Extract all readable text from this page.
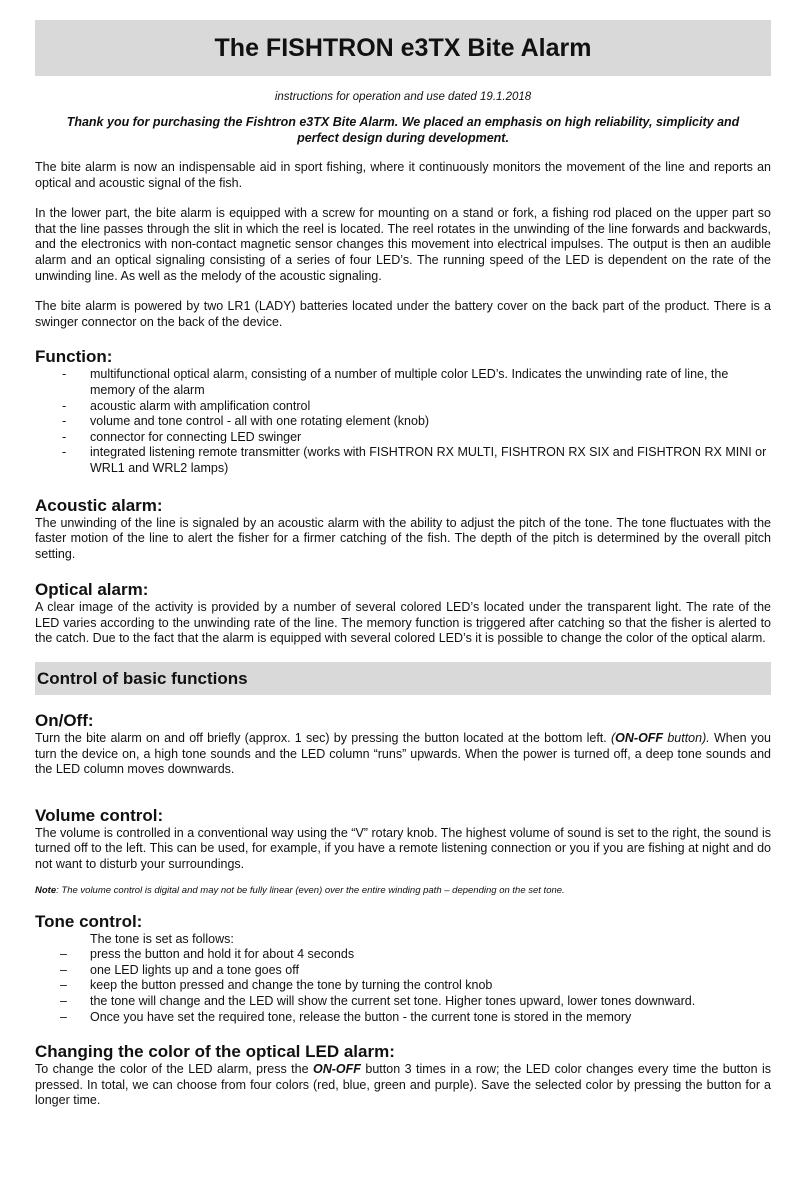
The FISHTRON e3TX Bite Alarm
instructions for operation and use dated 19.1.2018
Thank you for purchasing the Fishtron e3TX Bite Alarm. We placed an emphasis on high reliability, simplicity and perfect design during development.

The bite alarm is now an indispensable aid in sport fishing, where it continuously monitors the movement of the line and reports an optical and acoustic signal of the fish.

In the lower part, the bite alarm is equipped with a screw for mounting on a stand or fork, a fishing rod placed on the upper part so that the line passes through the slit in which the reel is located. The reel rotates in the unwinding of the line forwards and backwards, and the electronics with non-contact magnetic sensor changes this movement into electrical impulses. The output is then an audible alarm and an optical signaling consisting of a series of four LED’s. The running speed of the LED is dependent on the rate of the unwinding line. As well as the melody of the acoustic signaling.

The bite alarm is powered by two LR1 (LADY) batteries located under the battery cover on the back part of the product. There is a swinger connector on the back of the device.

Function:
- multifunctional optical alarm, consisting of a number of multiple color LED’s. Indicates the unwinding rate of line, the memory of the alarm
- acoustic alarm with amplification control
- volume and tone control - all with one rotating element (knob)
- connector for connecting LED swinger
- integrated listening remote transmitter (works with FISHTRON RX MULTI, FISHTRON RX SIX and FISHTRON RX MINI or WRL1 and WRL2 lamps)
Acoustic alarm:

The unwinding of the line is signaled by an acoustic alarm with the ability to adjust the pitch of the tone. The tone fluctuates with the faster motion of the line to alert the fisher for a firmer catching of the fish. The depth of the pitch is determined by the overall pitch setting.

Optical alarm:

A clear image of the activity is provided by a number of several colored LED’s located under the transparent light. The rate of the LED varies according to the unwinding rate of the line. The memory function is triggered after catching so that the fisher is alerted to the catch. Due to the fact that the alarm is equipped with several colored LED’s it is possible to change the color of the optical alarm.

Control of basic functions
On/Off:

Turn the bite alarm on and off briefly (approx. 1 sec) by pressing the button located at the bottom left. (ON-OFF button). When you turn the device on, a high tone sounds and the LED column “runs” upwards. When the power is turned off, a deep tone sounds and the LED column moves downwards.

Volume control:

The volume is controlled in a conventional way using the “V” rotary knob. The highest volume of sound is set to the right, the sound is turned off to the left. This can be used, for example, if you have a remote listening connection or you if you are fishing at night and do not want to disturb your surroundings.

Note: The volume control is digital and may not be fully linear (even) over the entire winding path – depending on the set tone.
Tone control:
The tone is set as follows:
– press the button and hold it for about 4 seconds
– one LED lights up and a tone goes off
– keep the button pressed and change the tone by turning the control knob
– the tone will change and the LED will show the current set tone. Higher tones upward, lower tones downward.
– Once you have set the required tone, release the button - the current tone is stored in the memory
Changing the color of the optical LED alarm:

To change the color of the LED alarm, press the ON-OFF button 3 times in a row; the LED color changes every time the button is pressed. In total, we can choose from four colors (red, blue, green and purple). Save the selected color by pressing the button for a longer time.
